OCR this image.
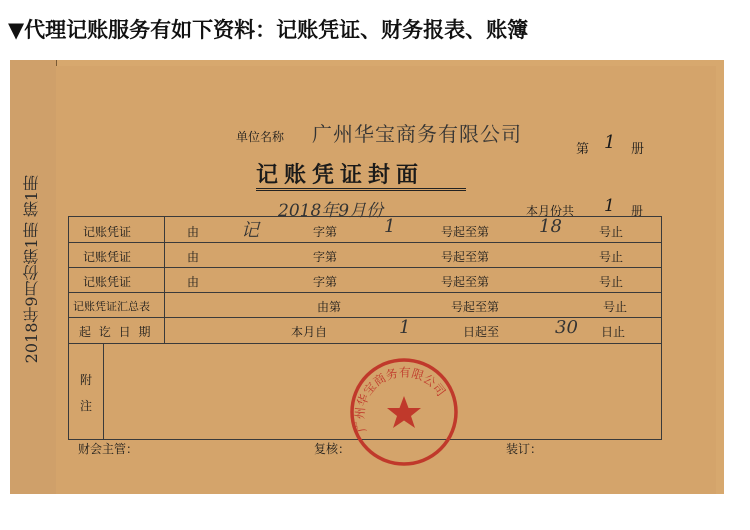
▼代理记账服务有如下资料：记账凭证、财务报表、账簿
2018年9月份第1册 第1册
单位名称 广州华宝商务有限公司
第 1 册
记账凭证封面
2018年9月份	本月份共 1 册
记账凭证	由 记	字第	1	号起至第	18	号止
记账凭证	由	字第	号起至第	号止
记账凭证	由	字第	号起至第	号止
记账凭证汇总表	由第	号起至第	号止
起 讫 日 期	本月自	1	日起至	30 日止
附注
财会主管：	复核：	装订：
广州华宝商务有限公司
